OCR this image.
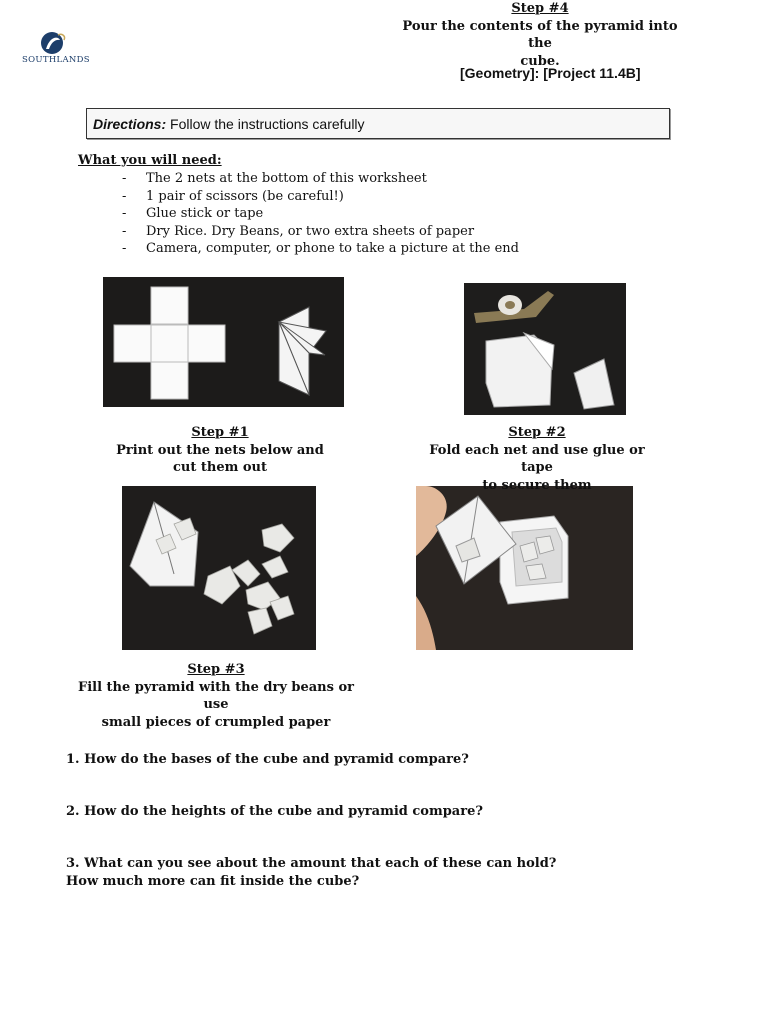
SOUTHLANDS
[Geometry]: [Project 11.4B]
Directions: Follow the instructions carefully
What you will need:
- The 2 nets at the bottom of this worksheet
- 1 pair of scissors (be careful!)
- Glue stick or tape
- Dry Rice. Dry Beans, or two extra sheets of paper
- Camera, computer, or phone to take a picture at the end
Step #1
Print out the nets below and
cut them out
Step #2
Fold each net and use glue or tape
to secure them
Step #3
Fill the pyramid with the dry beans or use
small pieces of crumpled paper
Step #4
Pour the contents of the pyramid into the
cube.
1. How do the bases of the cube and pyramid compare?
2. How do the heights of the cube and pyramid compare?
3. What can you see about the amount that each of these can hold?
How much more can fit inside the cube?
